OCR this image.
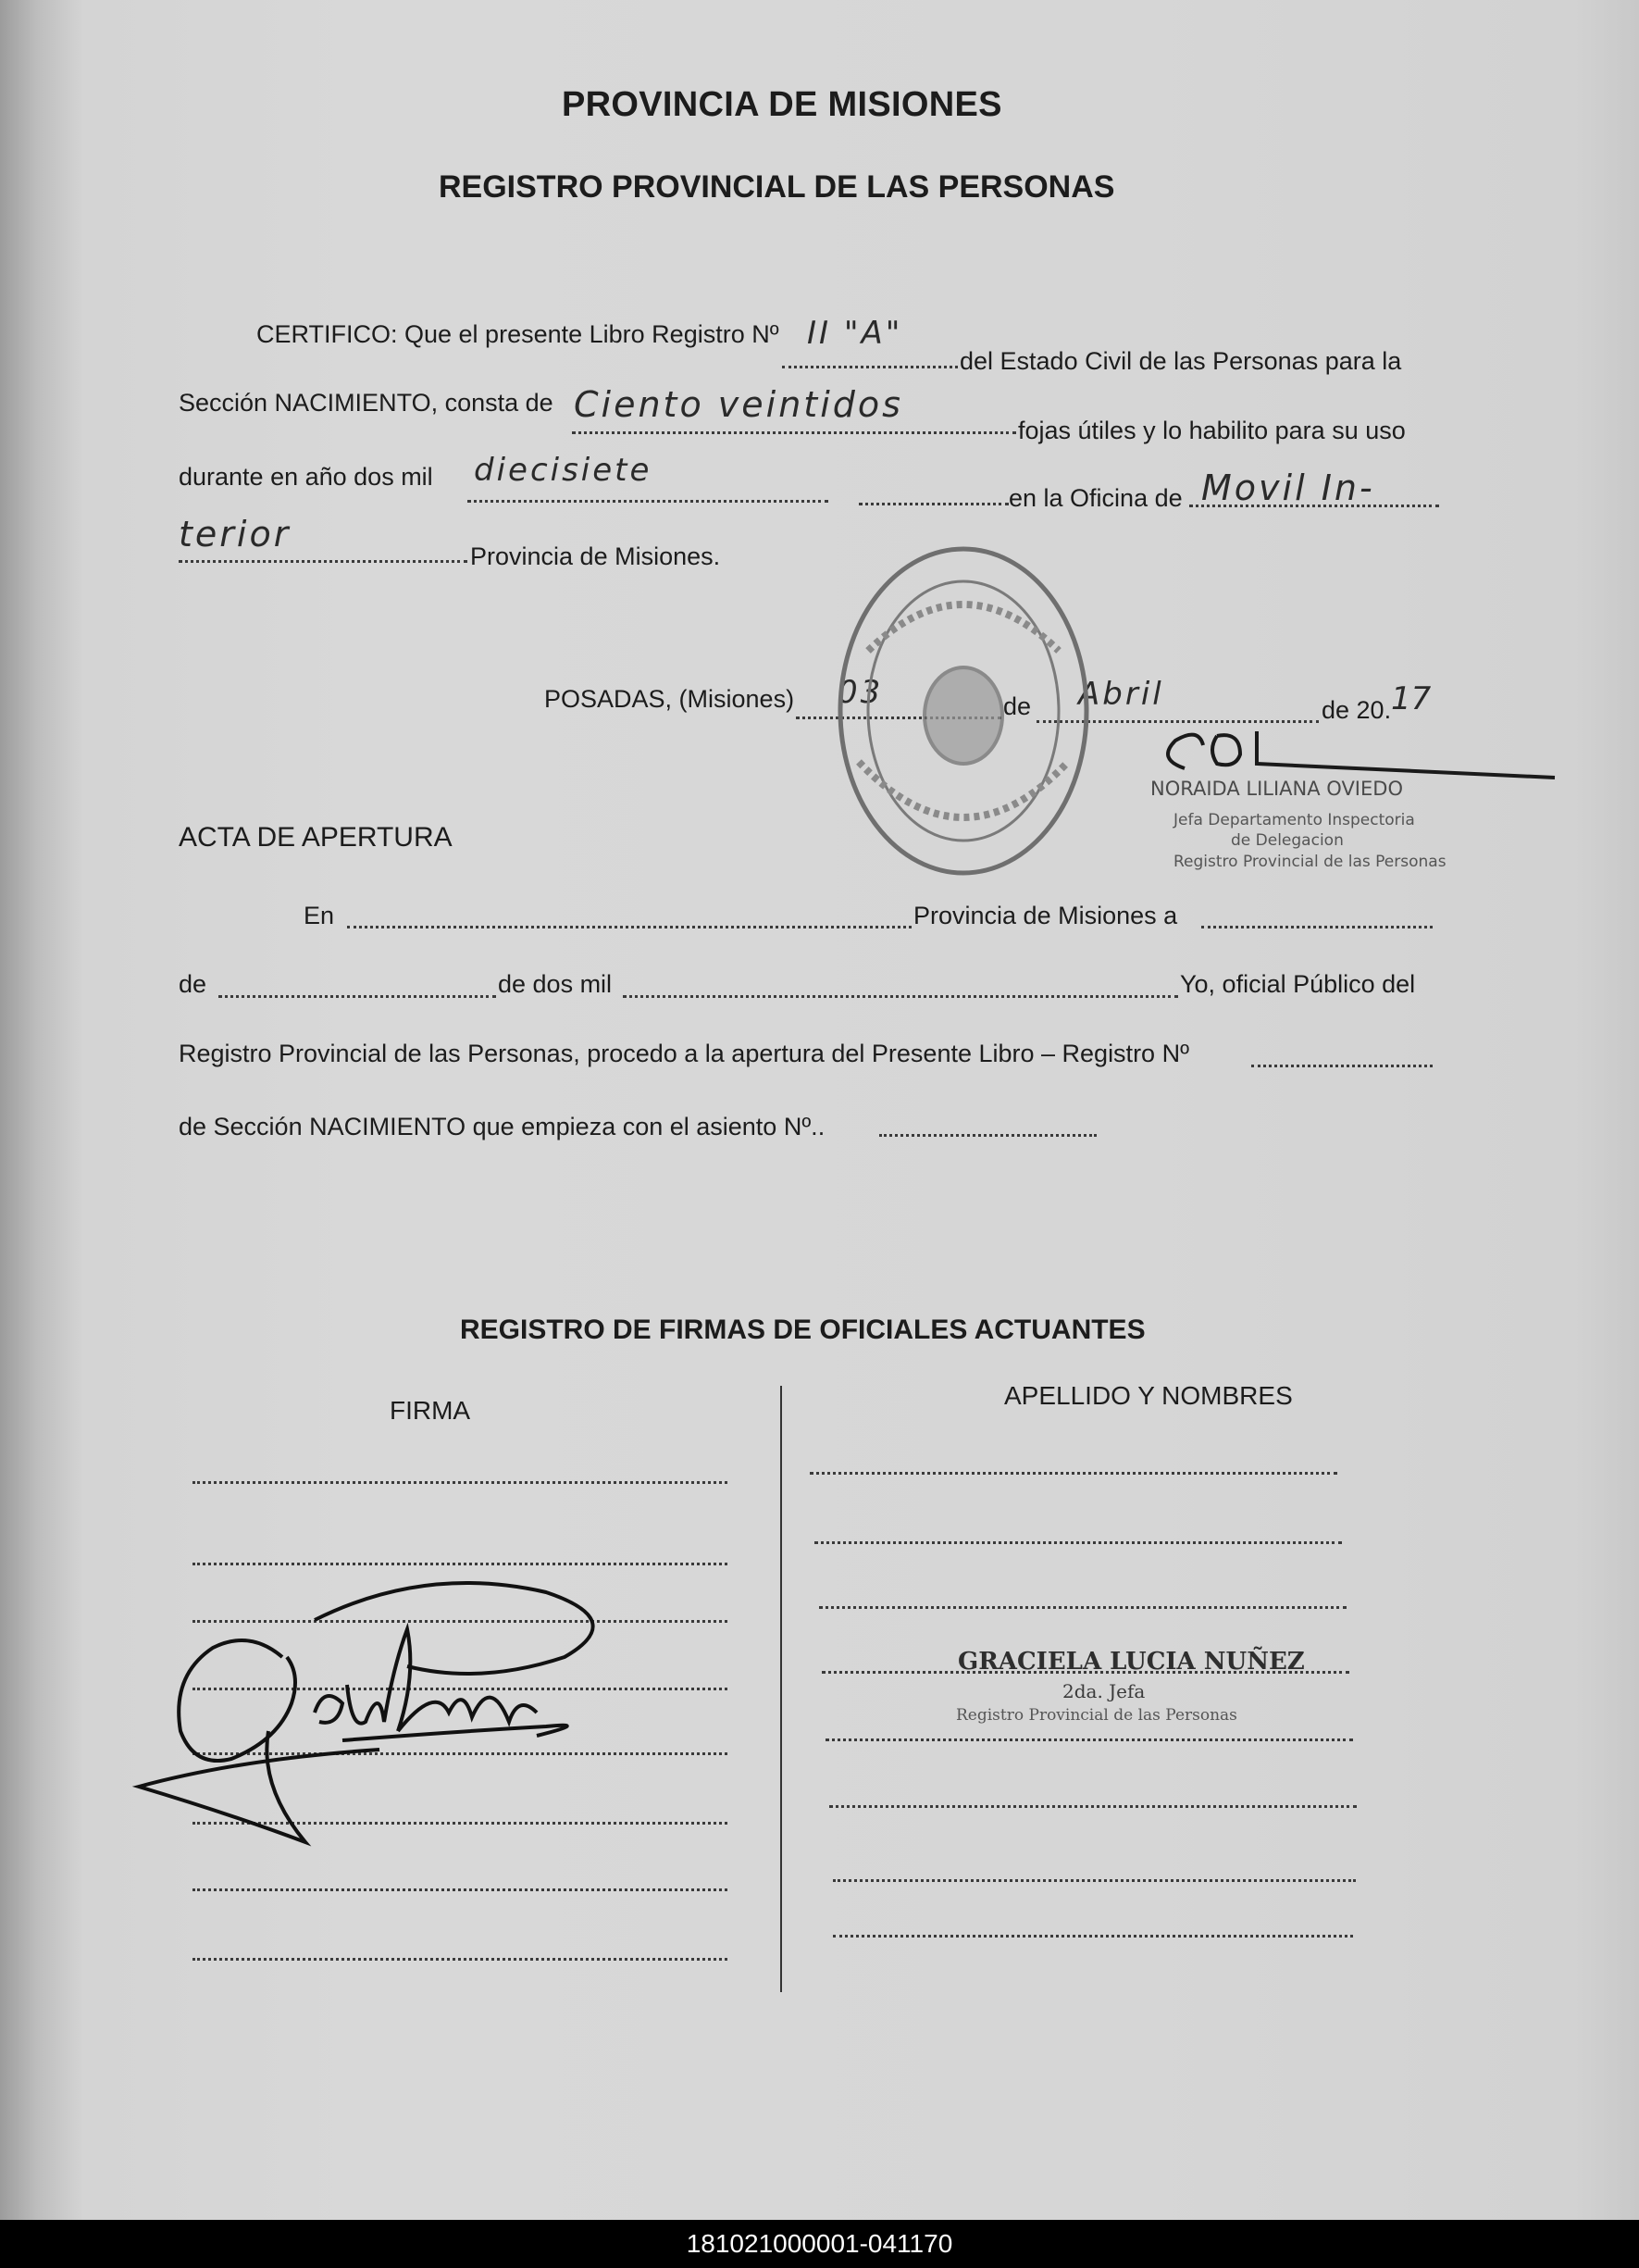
PROVINCIA DE MISIONES
REGISTRO PROVINCIAL DE LAS PERSONAS
CERTIFICO: Que el presente Libro Registro Nº II "A"
del Estado Civil de las Personas para la
Sección NACIMIENTO, consta de Ciento veintidos
fojas útiles y lo habilito para su uso
durante en año dos mil diecisiete
en la Oficina de Movil In-
terior
Provincia de Misiones.
POSADAS, (Misiones) 03	de Abril	de 20. 17
NORAIDA LILIANA OVIEDO
Jefa Departamento Inspectoria
de Delegacion
Registro Provincial de las Personas
ACTA DE APERTURA
En	Provincia de Misiones a
de	de dos mil	Yo, oficial Público del
Registro Provincial de las Personas, procedo a la apertura del Presente Libro – Registro Nº
de Sección NACIMIENTO que empieza con el asiento Nº..
REGISTRO DE FIRMAS DE OFICIALES ACTUANTES
FIRMA
APELLIDO Y NOMBRES
GRACIELA LUCIA NUÑEZ
2da. Jefa
Registro Provincial de las Personas
181021000001-041170
